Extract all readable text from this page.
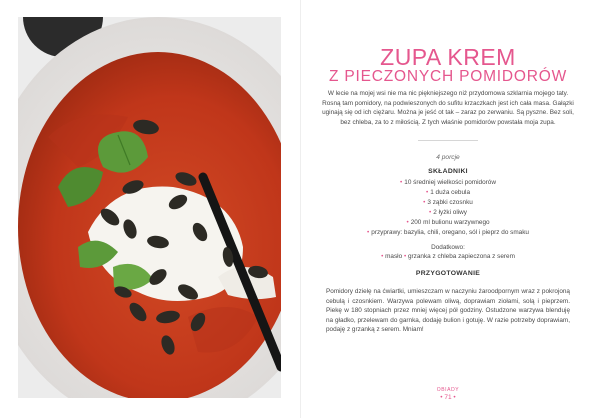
ZUPA KREM
Z PIECZONYCH POMIDORÓW
W lecie na mojej wsi nie ma nic piękniejszego niż przydomowa szklarnia mojego taty. Rosną tam pomidory, na podwieszonych do sufitu krzaczkach jest ich cała masa. Gałązki uginają się od ich ciężaru. Można je jeść ot tak – zaraz po zerwaniu. Są pyszne. Bez soli, bez chleba, za to z miłością. Z tych właśnie pomidorów powstała moja zupa.
4 porcje
SKŁADNIKI
• 10 średniej wielkości pomidorów
• 1 duża cebula
• 3 ząbki czosnku
• 2 łyżki oliwy
• 200 ml bulionu warzywnego
• przyprawy: bazylia, chili, oregano, sól i pieprz do smaku
Dodatkowo:
• masło • grzanka z chleba zapieczona z serem
PRZYGOTOWANIE
Pomidory dzielę na ćwiartki, umieszczam w naczyniu żaroodpornym wraz z pokrojoną cebulą i czosnkiem. Warzywa polewam oliwą, doprawiam ziołami, solą i pieprzem. Piekę w 180 stopniach przez mniej więcej pół godziny. Ostudzone warzywa blenduję na gładko, przelewam do garnka, dodaję bulion i gotuję. W razie potrzeby doprawiam, podaję z grzanką z serem. Mniam!
OBIADY
• 71 •
